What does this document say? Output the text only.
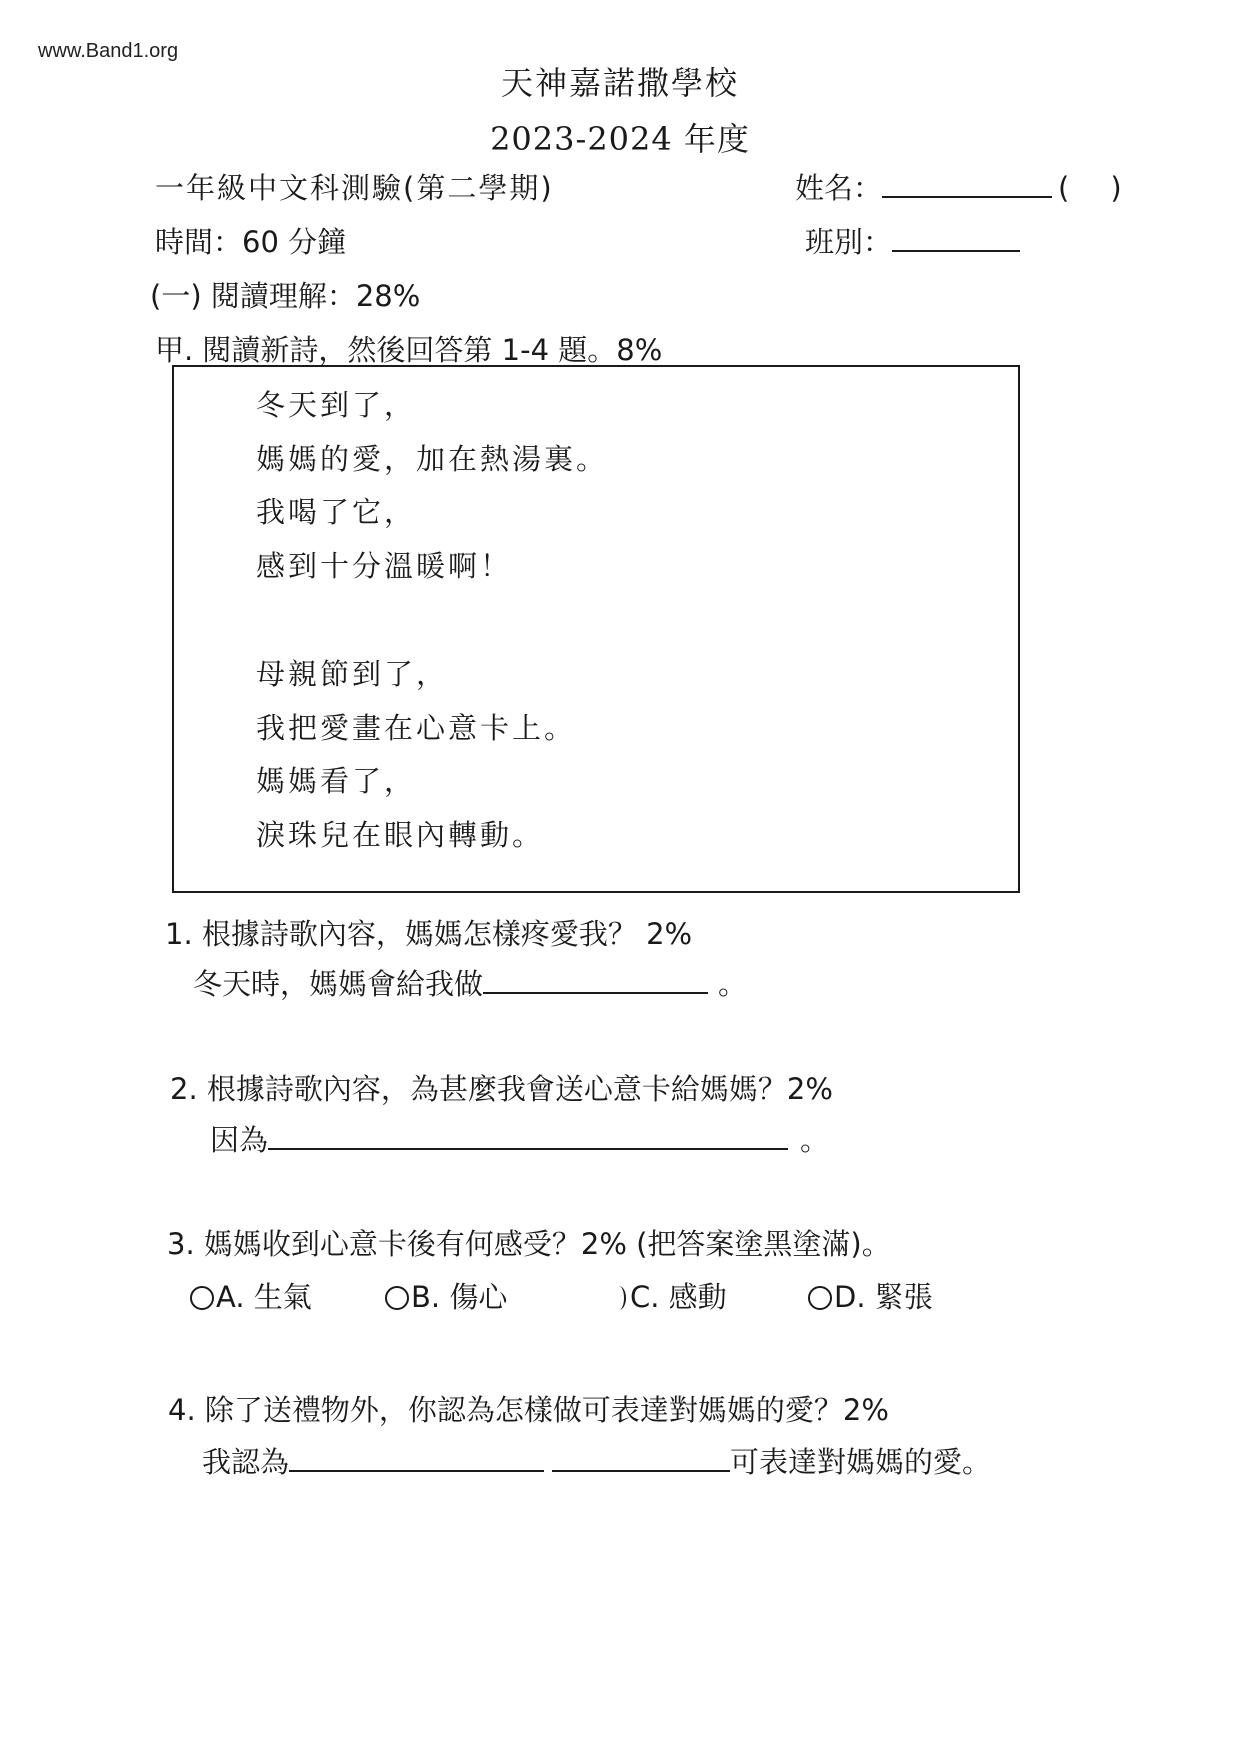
www.Band1.org
天神嘉諾撒學校
2023-2024 年度
一年級中文科測驗(第二學期)	姓名：	(　)
時間：60 分鐘	班別：
(一) 閱讀理解：28%
甲. 閱讀新詩，然後回答第 1-4 題。8%
冬天到了，
媽媽的愛，加在熱湯裏。
我喝了它，
感到十分溫暖啊！
母親節到了，
我把愛畫在心意卡上。
媽媽看了，
淚珠兒在眼內轉動。
1. 根據詩歌內容，媽媽怎樣疼愛我？ 2%
冬天時，媽媽會給我做	。
2. 根據詩歌內容，為甚麼我會送心意卡給媽媽？2%
因為	。
3. 媽媽收到心意卡後有何感受？2% (把答案塗黑塗滿)。
A. 生氣	B. 傷心	C. 感動	D. 緊張
4. 除了送禮物外，你認為怎樣做可表達對媽媽的愛？2%
我認為	可表達對媽媽的愛。
